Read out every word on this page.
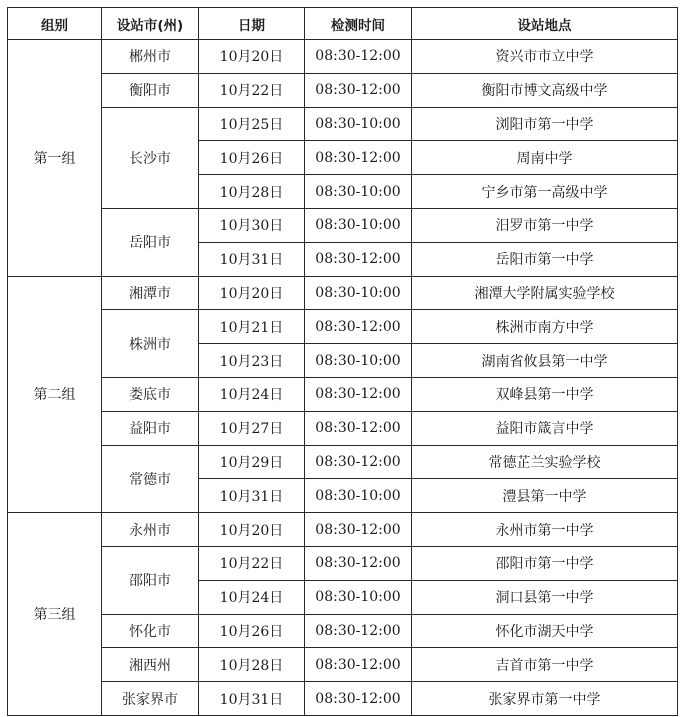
组别	设站市(州)	日期	检测时间	设站地点
第一组	郴州市	10月20日	08:30-12:00	资兴市市立中学
	衡阳市	10月22日	08:30-12:00	衡阳市博文高级中学
	长沙市	10月25日	08:30-10:00	浏阳市第一中学
		10月26日	08:30-12:00	周南中学
		10月28日	08:30-10:00	宁乡市第一高级中学
	岳阳市	10月30日	08:30-10:00	汨罗市第一中学
		10月31日	08:30-12:00	岳阳市第一中学
第二组	湘潭市	10月20日	08:30-10:00	湘潭大学附属实验学校
	株洲市	10月21日	08:30-12:00	株洲市南方中学
		10月23日	08:30-10:00	湖南省攸县第一中学
	娄底市	10月24日	08:30-12:00	双峰县第一中学
	益阳市	10月27日	08:30-12:00	益阳市箴言中学
	常德市	10月29日	08:30-12:00	常德芷兰实验学校
		10月31日	08:30-10:00	澧县第一中学
第三组	永州市	10月20日	08:30-12:00	永州市第一中学
	邵阳市	10月22日	08:30-12:00	邵阳市第一中学
		10月24日	08:30-10:00	洞口县第一中学
	怀化市	10月26日	08:30-12:00	怀化市湖天中学
	湘西州	10月28日	08:30-12:00	吉首市第一中学
	张家界市	10月31日	08:30-12:00	张家界市第一中学
